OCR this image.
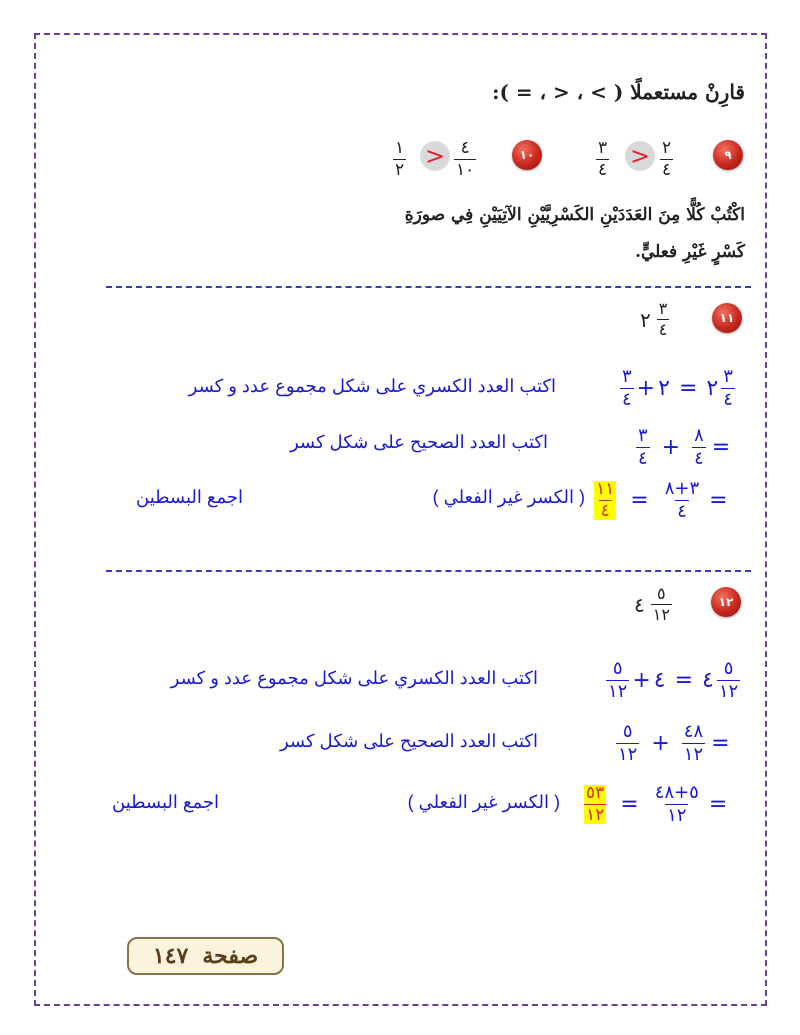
قارِنْ مستعملًا ( > ، < ، = ):
٩
$\frac{٢}{٤}$
>
$\frac{٣}{٤}$
١٠
$\frac{٤}{١٠}$
>
$\frac{١}{٢}$
اكْتُبْ كُلًّا مِنَ العَدَدَيْنِ الكَسْرِيَّيْنِ الآتِيَيْنِ فِي صورَةِ
كَسْرٍ غَيْرِ فعليٍّ.
١١
٢ $\frac{٣}{٤}$
$\frac{٣}{٤}$ + ٢ = ٢ $\frac{٣}{٤}$
اكتب العدد الكسري على شكل مجموع عدد و كسر
$\frac{٣}{٤} + \frac{٨}{٤}$ =
اكتب العدد الصحيح على شكل كسر
$\frac{١١}{٤} = \frac{٣+٨}{٤}$ =
( الكسر غير الفعلي )
اجمع البسطين
١٢
٤ $\frac{٥}{١٢}$
$\frac{٥}{١٢}$ + ٤ = ٤ $\frac{٥}{١٢}$
اكتب العدد الكسري على شكل مجموع عدد و كسر
$\frac{٥}{١٢} + \frac{٤٨}{١٢}$ =
اكتب العدد الصحيح على شكل كسر
$\frac{٥٣}{١٢} = \frac{٥+٤٨}{١٢}$ =
( الكسر غير الفعلي )
اجمع البسطين
صفحة
١٤٧
